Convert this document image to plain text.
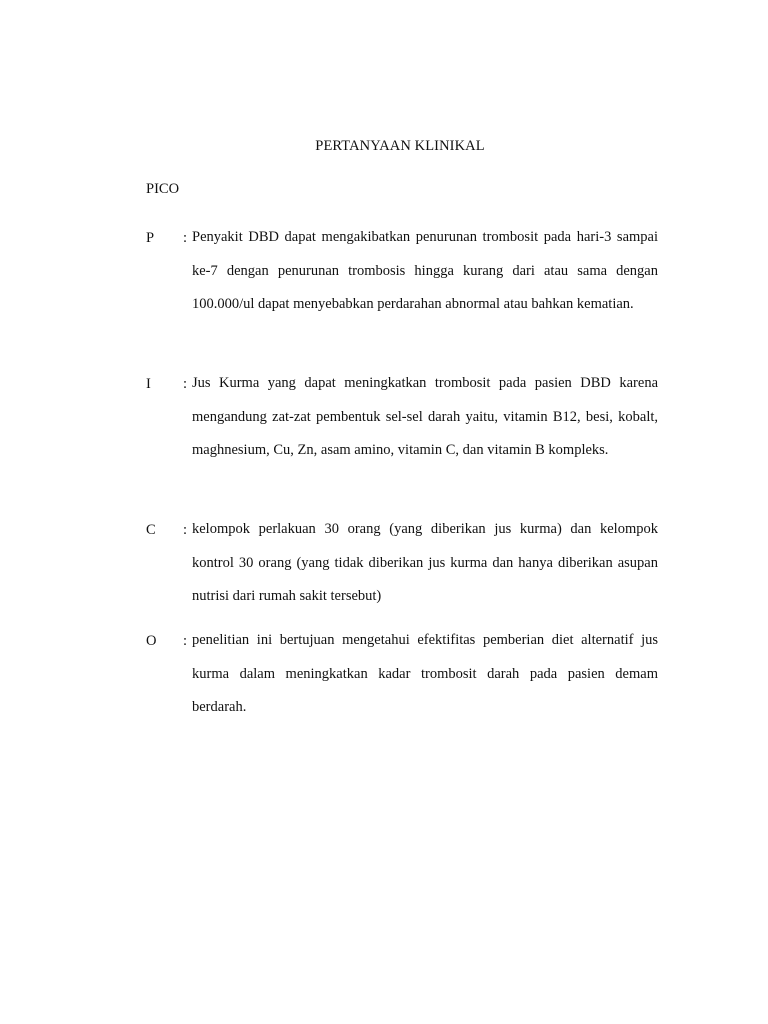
PERTANYAAN KLINIKAL
PICO
P : Penyakit DBD dapat mengakibatkan penurunan trombosit pada hari-3 sampai ke-7 dengan penurunan trombosis hingga kurang dari atau sama dengan 100.000/ul dapat menyebabkan perdarahan abnormal atau bahkan kematian.
I : Jus Kurma yang dapat meningkatkan trombosit pada pasien DBD karena mengandung zat-zat pembentuk sel-sel darah yaitu, vitamin B12, besi, kobalt, maghnesium, Cu, Zn, asam amino, vitamin C, dan vitamin B kompleks.
C : kelompok perlakuan 30 orang (yang diberikan jus kurma) dan kelompok kontrol 30 orang (yang tidak diberikan jus kurma dan hanya diberikan asupan nutrisi dari rumah sakit tersebut)
O : penelitian ini bertujuan mengetahui efektifitas pemberian diet alternatif jus kurma dalam meningkatkan kadar trombosit darah pada pasien demam berdarah.
